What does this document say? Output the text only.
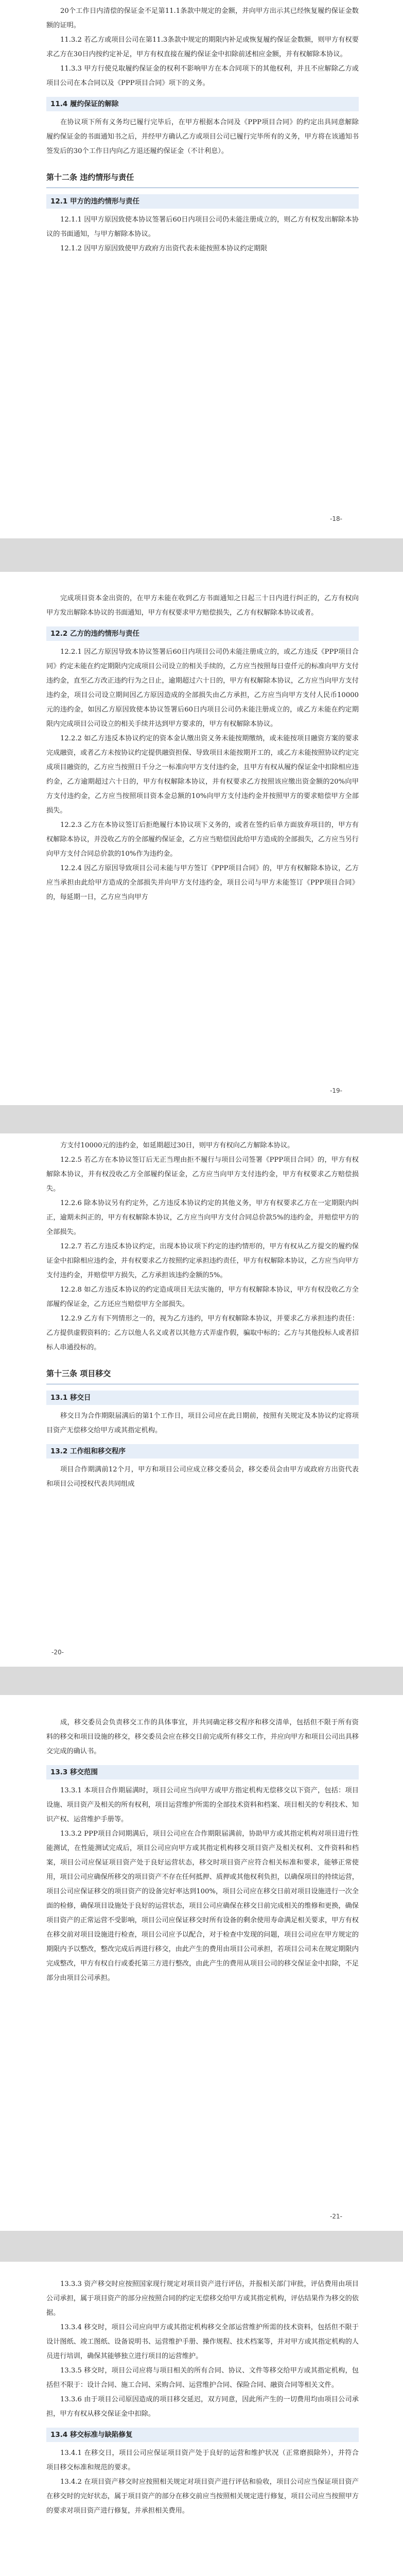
20个工作日内清偿的保证金不足第11.1条款中规定的金额，并向甲方出示其已经恢复履约保证金数额的证明。

11.3.2 若乙方或项目公司在第11.3条款中规定的期限内补足或恢复履约保证金数额，则甲方有权要求乙方在30日内按约定补足，甲方有权直接在履约保证金中扣除前述相应金额，并有权解除本协议。

11.3.3 甲方行使兑取履约保证金的权利不影响甲方在本合同项下的其他权利，并且不应解除乙方或项目公司在本合同以及《PPP项目合同》项下的义务。

11.4 履约保证的解除

在协议项下所有义务均已履行完毕后，在甲方根据本合同及《PPP项目合同》的约定出具同意解除履约保证金的书面通知书之后，并经甲方确认乙方或项目公司已履行完毕所有的义务，甲方将在该通知书签发后的30个工作日内向乙方退还履约保证金（不计利息）。

第十二条 违约情形与责任
12.1 甲方的违约情形与责任

12.1.1 因甲方原因致使本协议签署后60日内项目公司仍未能注册成立的，则乙方有权发出解除本协议的书面通知，与甲方解除本协议。

12.1.2 因甲方原因致使甲方政府方出资代表未能按照本协议约定期限

-18-

完成项目资本金出资的，在甲方未能在收到乙方书面通知之日起三十日内进行纠正的，乙方有权向甲方发出解除本协议的书面通知，甲方有权要求甲方赔偿损失，乙方有权解除本协议或者。

12.2 乙方的违约情形与责任

12.2.1 因乙方原因导致本协议签署后60日内项目公司仍未能注册成立的，或乙方违反《PPP项目合同》约定未能在约定期限内完成项目公司设立的相关手续的，乙方应当按照每日壹仟元的标准向甲方支付违约金，直至乙方改正违约行为之日止，逾期超过六十日的，甲方有权解除本协议，乙方应当向甲方支付违约金，项目公司设立期间因乙方原因造成的全部损失由乙方承担，乙方应当向甲方支付人民币10000元的违约金，如因乙方原因致使本协议签署后60日内项目公司仍未能注册成立的，或乙方未能在约定期限内完成项目公司设立的相关手续并达到甲方要求的，甲方有权解除本协议。

12.2.2 如乙方违反本协议约定的资本金认缴出资义务未能按期缴纳，或未能按项目融资方案的要求完成融资，或者乙方未按协议约定提供融资担保、导致项目未能按期开工的，或乙方未能按照协议约定完成项目融资的，乙方应当按照日千分之一标准向甲方支付违约金，且甲方有权从履约保证金中扣除相应违约金，乙方逾期超过六十日的，甲方有权解除本协议，并有权要求乙方按照该应缴出资金额的20%向甲方支付违约金，乙方应当按照项目资本金总额的10%向甲方支付违约金并按照甲方的要求赔偿甲方全部损失。

12.2.3 乙方在本协议签订后拒绝履行本协议项下义务的，或者在签约后单方面放弃项目的，甲方有权解除本协议，并没收乙方的全部履约保证金，乙方应当赔偿因此给甲方造成的全部损失，乙方应当另行向甲方支付合同总价款的10%作为违约金。

12.2.4 因乙方原因导致项目公司未能与甲方签订《PPP项目合同》的，甲方有权解除本协议，乙方应当承担由此给甲方造成的全部损失并向甲方支付违约金，项目公司与甲方未能签订《PPP项目合同》的，每延期一日，乙方应当向甲方

-19-

方支付10000元的违约金，如延期超过30日，则甲方有权向乙方解除本协议。

12.2.5 若乙方在本协议签订后无正当理由拒不履行与项目公司签署《PPP项目合同》的，甲方有权解除本协议，并有权没收乙方全部履约保证金，乙方应当向甲方支付违约金，甲方有权要求乙方赔偿损失。

12.2.6 除本协议另有约定外，乙方违反本协议约定的其他义务，甲方有权要求乙方在一定期限内纠正，逾期未纠正的，甲方有权解除本协议，乙方应当向甲方支付合同总价款5%的违约金，并赔偿甲方的全部损失。

12.2.7 若乙方违反本协议约定，出现本协议项下约定的违约情形的，甲方有权从乙方提交的履约保证金中扣除相应违约金，并有权要求乙方按照约定承担违约责任，甲方有权解除本协议，乙方应当向甲方支付违约金，并赔偿甲方损失，乙方承担该违约金额的5%。

12.2.8 如乙方违反本协议的约定造成项目无法实施的，甲方有权解除本协议，甲方有权没收乙方全部履约保证金，乙方还应当赔偿甲方全部损失。

12.2.9 乙方有下列情形之一的，视为乙方违约，甲方有权解除本协议，并要求乙方承担违约责任：乙方提供虚假资料的；乙方以他人名义或者以其他方式弄虚作假，骗取中标的；乙方与其他投标人或者招标人串通投标的。

第十三条 项目移交
13.1 移交日

移交日为合作期限届满后的第1个工作日，项目公司应在此日期前，按照有关规定及本协议约定将项目资产无偿移交给甲方或其指定机构。

13.2 工作组和移交程序

项目合作期满前12个月，甲方和项目公司应成立移交委员会，移交委员会由甲方或政府方出资代表和项目公司授权代表共同组成

-20-

成，移交委员会负责移交工作的具体事宜，并共同确定移交程序和移交清单，包括但不限于所有资料的移交和项目设施的移交，移交委员会应在移交日前完成所有移交工作，并应向甲方和项目公司出具移交完成的确认书。

13.3 移交范围

13.3.1 本项目合作期届满时，项目公司应当向甲方或甲方指定机构无偿移交以下资产，包括：项目设施、项目资产及相关的所有权利，项目运营维护所需的全部技术资料和档案、项目相关的专利技术、知识产权、运营维护手册等。

13.3.2 PPP项目合同期满后，项目公司应在合作期限届满前，协助甲方或其指定机构对项目进行性能测试，在性能测试完成后，项目公司应向甲方或其指定机构移交项目资产及相关权利、文件资料和档案，项目公司应保证项目资产处于良好运营状态，移交时项目资产应符合相关标准和要求，能够正常使用，项目公司应确保所移交的项目资产不存在任何抵押、质押或其他权利负担，以确保项目的持续运营，项目公司应保证移交的项目资产的设备完好率达到100%，项目公司应在移交日前对项目设施进行一次全面的检修，确保项目设施处于良好的运营状态，项目公司应确保在移交日前完成相关的维修和更换，确保项目资产的正常运营不受影响，项目公司应保证移交时所有设备的剩余使用寿命满足相关要求，甲方有权在移交前对项目设施进行检查，项目公司应予以配合，对于检查中发现的问题，项目公司应在甲方规定的期限内予以整改，整改完成后再进行移交，由此产生的费用由项目公司承担，若项目公司未在规定期限内完成整改，甲方有权自行或委托第三方进行整改，由此产生的费用从项目公司的移交保证金中扣除，不足部分由项目公司承担。

-21-

13.3.3 资产移交时应按照国家现行规定对项目资产进行评估，并报相关部门审批，评估费用由项目公司承担，属于项目资产的部分应按照合同的约定无偿移交给甲方或其指定机构，评估结果作为移交的依据。

13.3.4 移交时，项目公司应向甲方或其指定机构移交全部运营维护所需的技术资料，包括但不限于设计图纸、竣工图纸、设备说明书、运营维护手册、操作规程、技术档案等，并对甲方或其指定机构的人员进行培训，确保其能够独立进行项目的运营维护。

13.3.5 移交时，项目公司应将与项目相关的所有合同、协议、文件等移交给甲方或其指定机构，包括但不限于：设计合同、施工合同、采购合同、运营维护合同、保险合同、融资合同等相关文件。

13.3.6 由于项目公司原因造成的项目移交延迟，双方同意，因此所产生的一切费用均由项目公司承担，甲方有权从移交保证金中扣除。

13.4 移交标准与缺陷修复

13.4.1 在移交日，项目公司应保证项目资产处于良好的运营和维护状况（正常磨损除外），并符合项目移交标准和规范的要求。

13.4.2 在项目资产移交时应按照相关规定对项目资产进行评估和验收，项目公司应当保证项目资产在移交时的完好状态，属于项目资产的部分在移交前应当按照相关规定进行修复，项目公司应当按照甲方的要求对项目资产进行修复，并承担相关费用。
